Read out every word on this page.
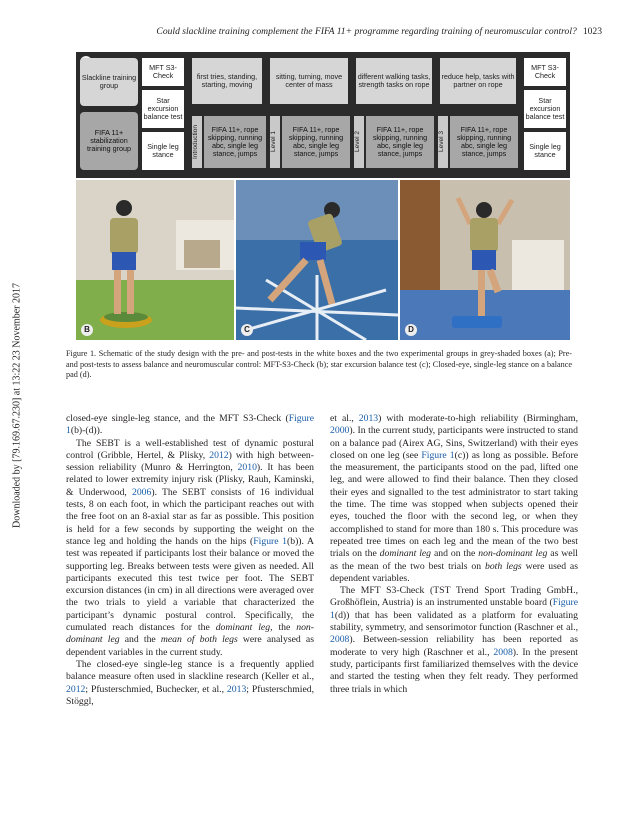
Could slackline training complement the FIFA 11+ programme regarding training of neuromuscular control? 1023
Downloaded by [79.169.67.230] at 13:22 23 November 2017
Slackline training group
FIFA 11+ stabilization training group
MFT S3-Check
Star excursion balance test
Single leg stance
first tries, standing, starting, moving
sitting, turning, move center of mass
different walking tasks, strength tasks on rope
reduce help, tasks with partner on rope
Introduction	FIFA 11+, rope skipping, running abc, single leg stance, jumps
Level 1
FIFA 11+, rope skipping, running abc, single leg stance, jumps
Level 2
FIFA 11+, rope skipping, running abc, single leg stance, jumps
Level 3
FIFA 11+, rope skipping, running abc, single leg stance, jumps
MFT S3-Check
Star excursion balance test
Single leg stance
B	C	D
Figure 1. Schematic of the study design with the pre- and post-tests in the white boxes and the two experimental groups in grey-shaded boxes (a); Pre- and post-tests to assess balance and neuromuscular control: MFT-S3-Check (b); star excursion balance test (c); Closed-eye, single-leg stance on a balance pad (d).

closed-eye single-leg stance, and the MFT S3-Check (Figure 1(b)-(d)).

The SEBT is a well-established test of dynamic postural control (Gribble, Hertel, & Plisky, 2012) with high between-session reliability (Munro & Herrington, 2010). It has been related to lower extremity injury risk (Plisky, Rauh, Kaminski, & Underwood, 2006). The SEBT consists of 16 individual tests, 8 on each foot, in which the participant reaches out with the free foot on an 8-axial star as far as possible. This position is held for a few seconds by supporting the weight on the stance leg and holding the hands on the hips (Figure 1(b)). A test was repeated if participants lost their balance or moved the supporting leg. Breaks between tests were given as needed. All participants executed this test twice per foot. The SEBT excursion distances (in cm) in all directions were averaged over the two trials to yield a variable that characterized the participant’s dynamic postural control. Specifically, the cumulated reach distances for the dominant leg, the non-dominant leg and the mean of both legs were analysed as dependent variables in the current study.

The closed-eye single-leg stance is a frequently applied balance measure often used in slackline research (Keller et al., 2012; Pfusterschmied, Buchecker, et al., 2013; Pfusterschmied, Stöggl,

et al., 2013) with moderate-to-high reliability (Birmingham, 2000). In the current study, participants were instructed to stand on a balance pad (Airex AG, Sins, Switzerland) with their eyes closed on one leg (see Figure 1(c)) as long as possible. Before the measurement, the participants stood on the pad, lifted one leg, and were allowed to find their balance. Then they closed their eyes and signalled to the test administrator to start taking the time. The time was stopped when subjects opened their eyes, touched the floor with the second leg, or when they accomplished to stand for more than 180 s. This procedure was repeated tree times on each leg and the mean of the two best trials on the dominant leg and on the non-dominant leg as well as the mean of the two best trials on both legs were used as dependent variables.

The MFT S3-Check (TST Trend Sport Trading GmbH., Großhöflein, Austria) is an instrumented unstable board (Figure 1(d)) that has been validated as a platform for evaluating stability, symmetry, and sensorimotor function (Raschner et al., 2008). Between-session reliability has been reported as moderate to very high (Raschner et al., 2008). In the present study, participants first familiarized themselves with the device and started the testing when they felt ready. They performed three trials in which
